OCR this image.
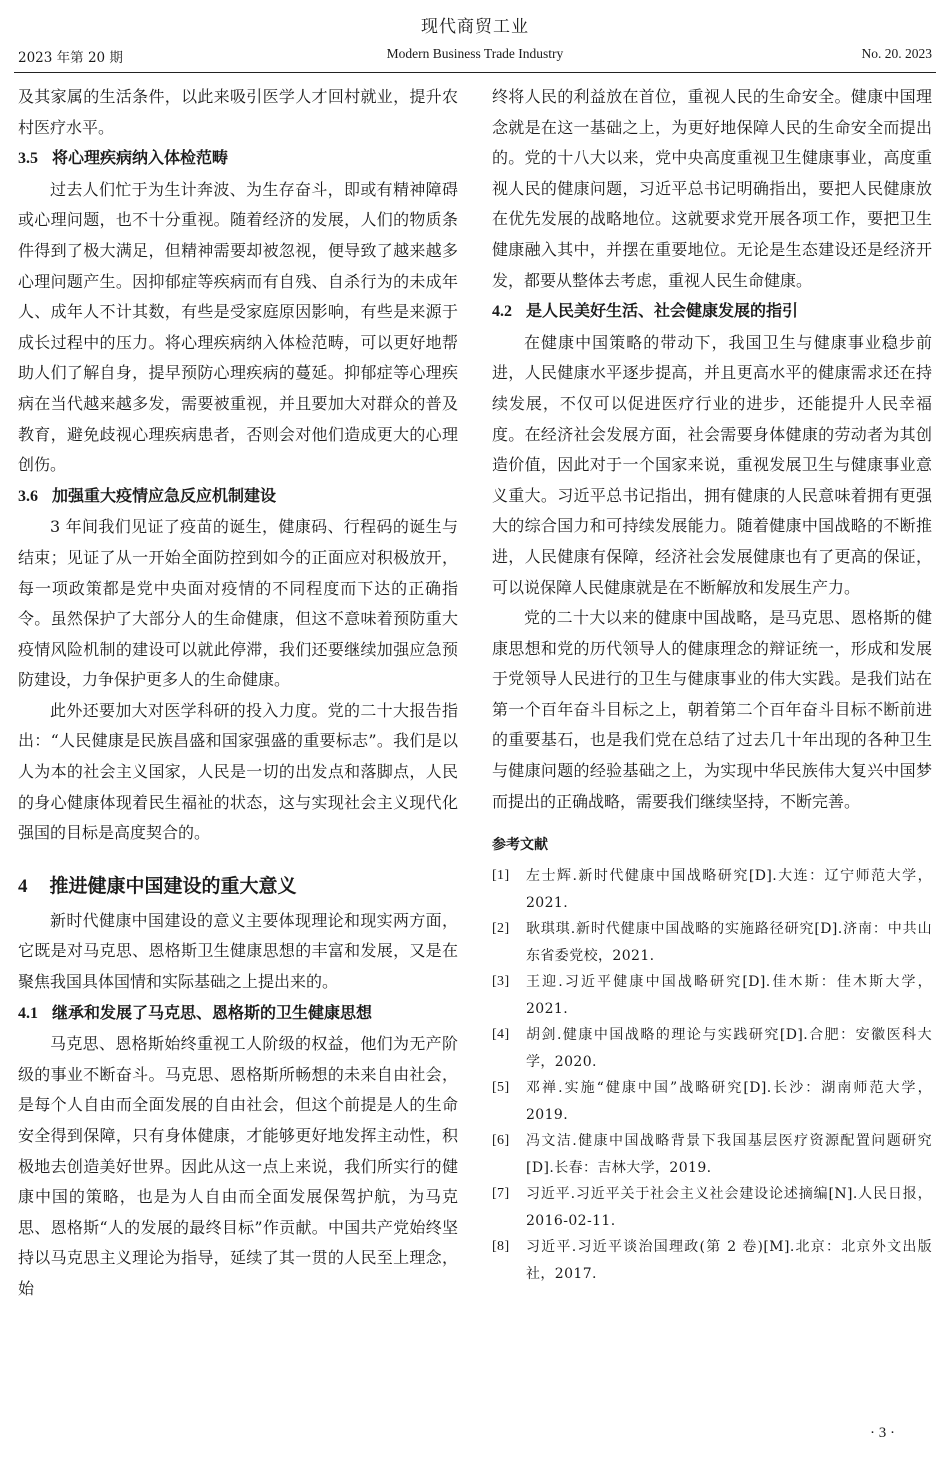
现代商贸工业
2023 年第 20 期	Modern Business Trade Industry	No. 20. 2023

及其家属的生活条件，以此来吸引医学人才回村就业，提升农村医疗水平。

3.5 将心理疾病纳入体检范畴

过去人们忙于为生计奔波、为生存奋斗，即或有精神障碍或心理问题，也不十分重视。随着经济的发展，人们的物质条件得到了极大满足，但精神需要却被忽视，便导致了越来越多心理问题产生。因抑郁症等疾病而有自残、自杀行为的未成年人、成年人不计其数，有些是受家庭原因影响，有些是来源于成长过程中的压力。将心理疾病纳入体检范畴，可以更好地帮助人们了解自身，提早预防心理疾病的蔓延。抑郁症等心理疾病在当代越来越多发，需要被重视，并且要加大对群众的普及教育，避免歧视心理疾病患者，否则会对他们造成更大的心理创伤。

3.6 加强重大疫情应急反应机制建设

3 年间我们见证了疫苗的诞生，健康码、行程码的诞生与结束；见证了从一开始全面防控到如今的正面应对积极放开，每一项政策都是党中央面对疫情的不同程度而下达的正确指令。虽然保护了大部分人的生命健康，但这不意味着预防重大疫情风险机制的建设可以就此停滞，我们还要继续加强应急预防建设，力争保护更多人的生命健康。

此外还要加大对医学科研的投入力度。党的二十大报告指出：“人民健康是民族昌盛和国家强盛的重要标志”。我们是以人为本的社会主义国家，人民是一切的出发点和落脚点，人民的身心健康体现着民生福祉的状态，这与实现社会主义现代化强国的目标是高度契合的。

4 推进健康中国建设的重大意义

新时代健康中国建设的意义主要体现理论和现实两方面，它既是对马克思、恩格斯卫生健康思想的丰富和发展，又是在聚焦我国具体国情和实际基础之上提出来的。

4.1 继承和发展了马克思、恩格斯的卫生健康思想

马克思、恩格斯始终重视工人阶级的权益，他们为无产阶级的事业不断奋斗。马克思、恩格斯所畅想的未来自由社会，是每个人自由而全面发展的自由社会，但这个前提是人的生命安全得到保障，只有身体健康，才能够更好地发挥主动性，积极地去创造美好世界。因此从这一点上来说，我们所实行的健康中国的策略，也是为人自由而全面发展保驾护航，为马克思、恩格斯“人的发展的最终目标”作贡献。中国共产党始终坚持以马克思主义理论为指导，延续了其一贯的人民至上理念，始

终将人民的利益放在首位，重视人民的生命安全。健康中国理念就是在这一基础之上，为更好地保障人民的生命安全而提出的。党的十八大以来，党中央高度重视卫生健康事业，高度重视人民的健康问题，习近平总书记明确指出，要把人民健康放在优先发展的战略地位。这就要求党开展各项工作，要把卫生健康融入其中，并摆在重要地位。无论是生态建设还是经济开发，都要从整体去考虑，重视人民生命健康。

4.2 是人民美好生活、社会健康发展的指引

在健康中国策略的带动下，我国卫生与健康事业稳步前进，人民健康水平逐步提高，并且更高水平的健康需求还在持续发展，不仅可以促进医疗行业的进步，还能提升人民幸福度。在经济社会发展方面，社会需要身体健康的劳动者为其创造价值，因此对于一个国家来说，重视发展卫生与健康事业意义重大。习近平总书记指出，拥有健康的人民意味着拥有更强大的综合国力和可持续发展能力。随着健康中国战略的不断推进，人民健康有保障，经济社会发展健康也有了更高的保证，可以说保障人民健康就是在不断解放和发展生产力。

党的二十大以来的健康中国战略，是马克思、恩格斯的健康思想和党的历代领导人的健康理念的辩证统一，形成和发展于党领导人民进行的卫生与健康事业的伟大实践。是我们站在第一个百年奋斗目标之上，朝着第二个百年奋斗目标不断前进的重要基石，也是我们党在总结了过去几十年出现的各种卫生与健康问题的经验基础之上，为实现中华民族伟大复兴中国梦而提出的正确战略，需要我们继续坚持，不断完善。

参考文献
[1] 左士辉.新时代健康中国战略研究[D].大连：辽宁师范大学，2021.
[2] 耿琪琪.新时代健康中国战略的实施路径研究[D].济南：中共山东省委党校，2021.
[3] 王迎.习近平健康中国战略研究[D].佳木斯：佳木斯大学，2021.
[4] 胡剑.健康中国战略的理论与实践研究[D].合肥：安徽医科大学，2020.
[5] 邓禅.实施“健康中国”战略研究[D].长沙：湖南师范大学，2019.
[6] 冯文洁.健康中国战略背景下我国基层医疗资源配置问题研究[D].长春：吉林大学，2019.
[7] 习近平.习近平关于社会主义社会建设论述摘编[N].人民日报，2016-02-11.
[8] 习近平.习近平谈治国理政(第 2 卷)[M].北京：北京外文出版社，2017.
· 3 ·
